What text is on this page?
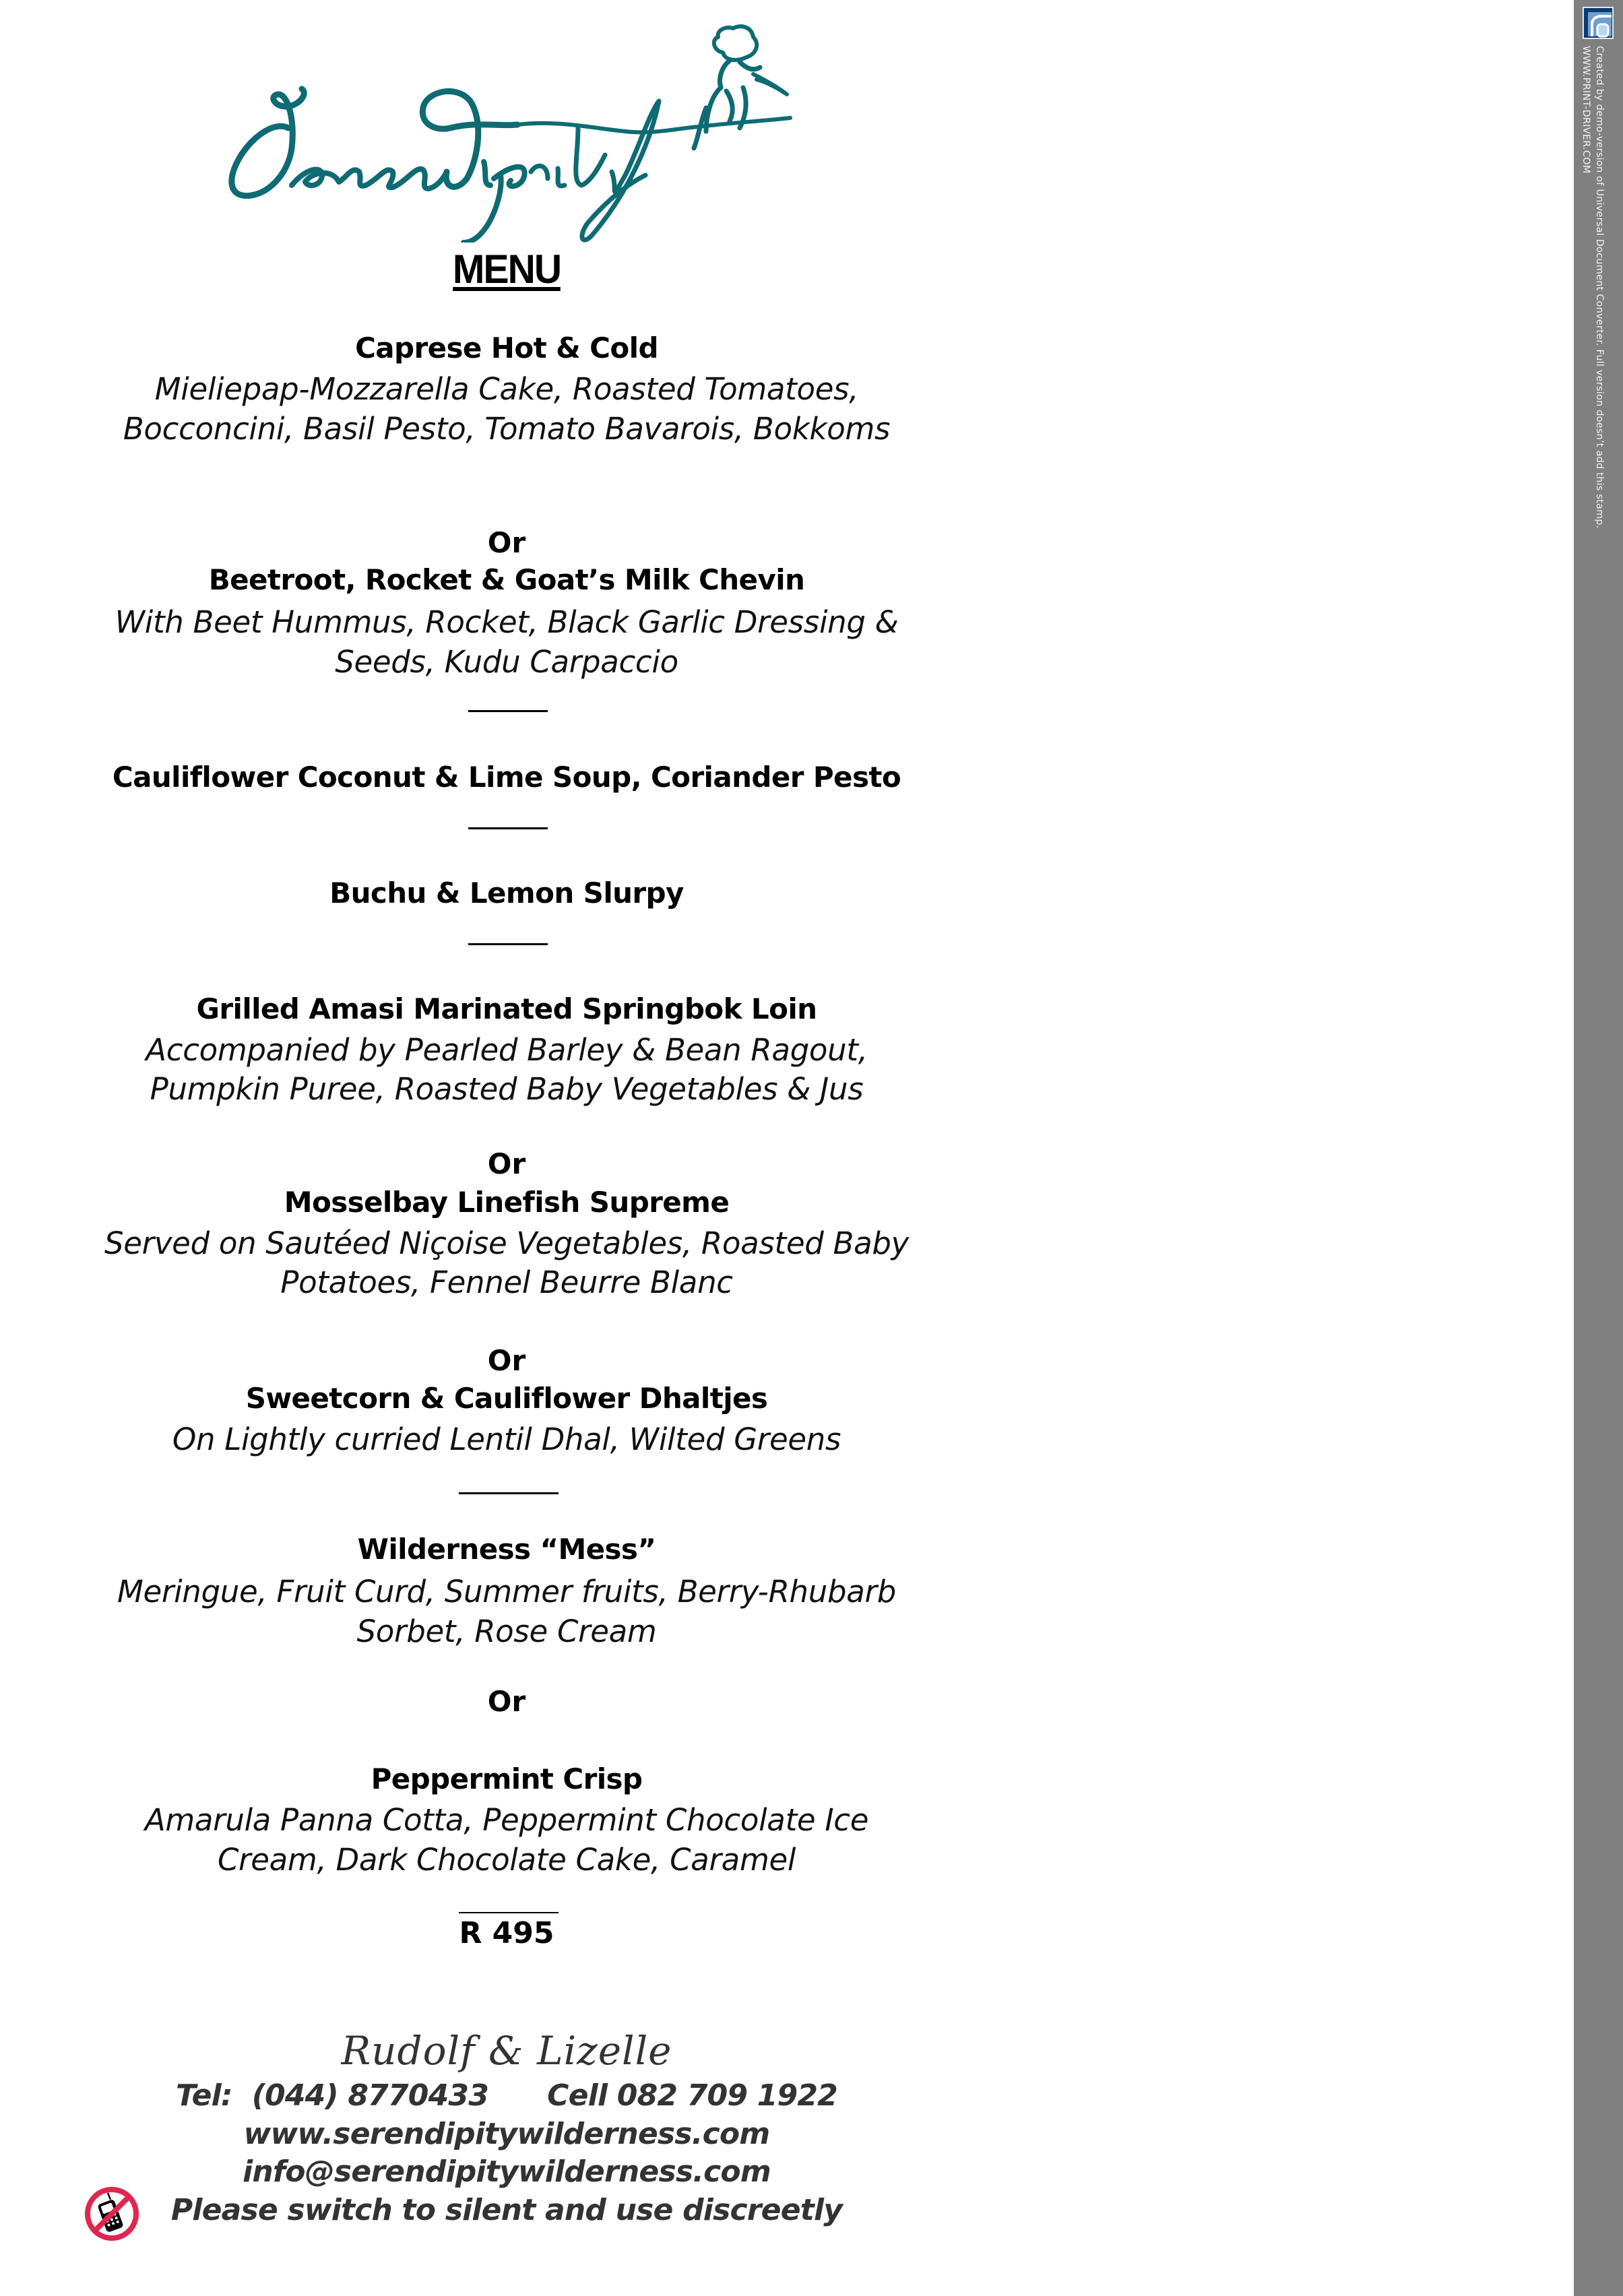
MENU
Caprese Hot & Cold
Mieliepap-Mozzarella Cake, Roasted Tomatoes,
Bocconcini, Basil Pesto, Tomato Bavarois, Bokkoms
Or
Beetroot, Rocket & Goat’s Milk Chevin
With Beet Hummus, Rocket, Black Garlic Dressing &
Seeds, Kudu Carpaccio
Cauliflower Coconut & Lime Soup, Coriander Pesto
Buchu & Lemon Slurpy
Grilled Amasi Marinated Springbok Loin
Accompanied by Pearled Barley & Bean Ragout,
Pumpkin Puree, Roasted Baby Vegetables & Jus
Or
Mosselbay Linefish Supreme
Served on Sautéed Niçoise Vegetables, Roasted Baby
Potatoes, Fennel Beurre Blanc
Or
Sweetcorn & Cauliflower Dhaltjes
On Lightly curried Lentil Dhal, Wilted Greens
Wilderness “Mess”
Meringue, Fruit Curd, Summer fruits, Berry-Rhubarb
Sorbet, Rose Cream
Or
Peppermint Crisp
Amarula Panna Cotta, Peppermint Chocolate Ice
Cream, Dark Chocolate Cake, Caramel
R 495
Rudolf & Lizelle
Tel:  (044) 8770433      Cell 082 709 1922
www.serendipitywilderness.com
info@serendipitywilderness.com
Please switch to silent and use discreetly
Created by demo-version of Universal Document Converter. Full version doesn’t add this stamp.
WWW.PRINT-DRIVER.COM
